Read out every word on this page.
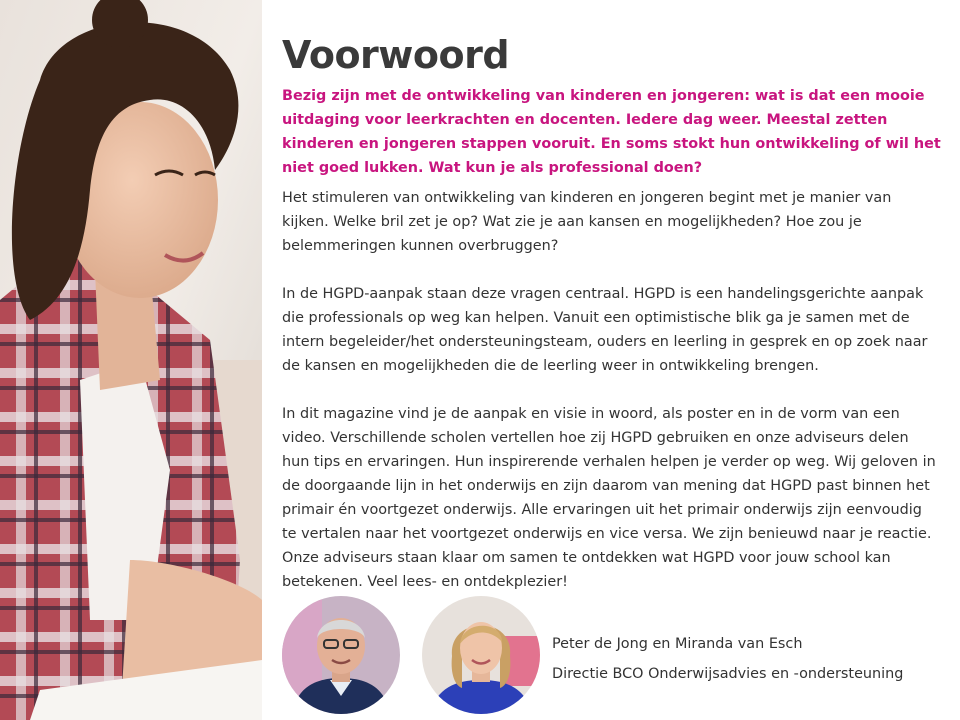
Voorwoord

Bezig zijn met de ontwikkeling van kinderen en jongeren: wat is dat een mooie uitdaging voor leerkrachten en docenten. Iedere dag weer. Meestal zetten kinderen en jongeren stappen vooruit. En soms stokt hun ontwikkeling of wil het niet goed lukken. Wat kun je als professional doen?

Het stimuleren van ontwikkeling van kinderen en jongeren begint met je manier van kijken. Welke bril zet je op? Wat zie je aan kansen en mogelijkheden? Hoe zou je belemmeringen kunnen overbruggen?

In de HGPD-aanpak staan deze vragen centraal. HGPD is een handelingsgerichte aanpak die professionals op weg kan helpen. Vanuit een optimistische blik ga je samen met de intern begeleider/het ondersteuningsteam, ouders en leerling in gesprek en op zoek naar de kansen en mogelijkheden die de leerling weer in ontwikkeling brengen.

In dit magazine vind je de aanpak en visie in woord, als poster en in de vorm van een video. Verschillende scholen vertellen hoe zij HGPD gebruiken en onze adviseurs delen hun tips en ervaringen. Hun inspirerende verhalen helpen je verder op weg. Wij geloven in de doorgaande lijn in het onderwijs en zijn daarom van mening dat HGPD past binnen het primair én voortgezet onderwijs. Alle ervaringen uit het primair onderwijs zijn eenvoudig te vertalen naar het voortgezet onderwijs en vice versa. We zijn benieuwd naar je reactie. Onze adviseurs staan klaar om samen te ontdekken wat HGPD voor jouw school kan betekenen. Veel lees- en ontdekplezier!

Peter de Jong en Miranda van Esch
Directie BCO Onderwijsadvies en -ondersteuning
